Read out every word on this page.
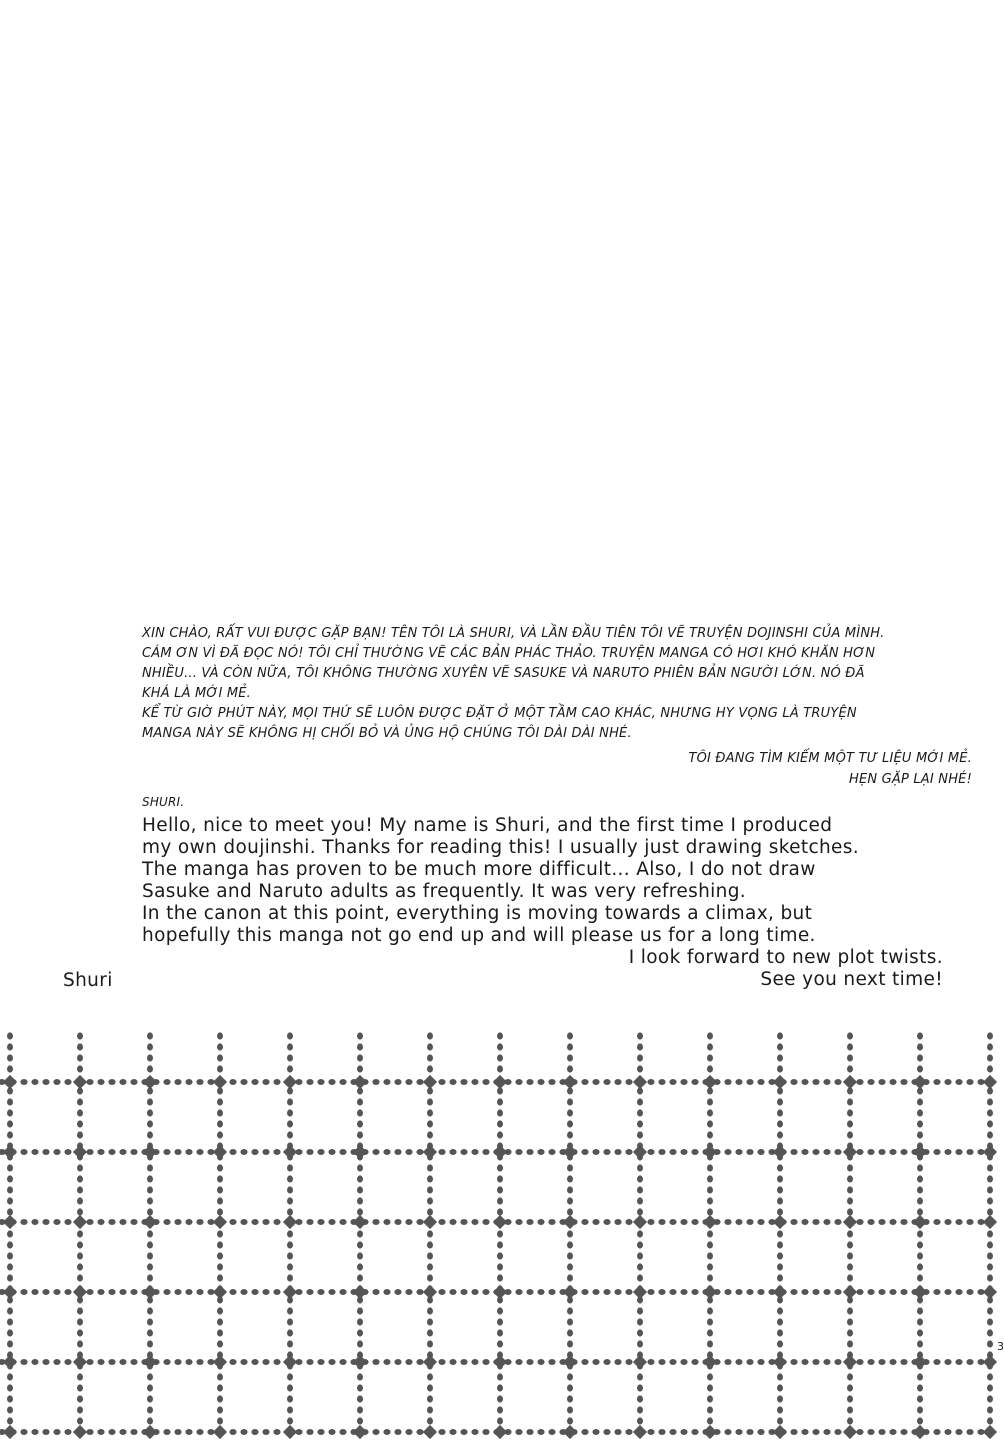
XIN CHÀO, RẤT VUI ĐƯỢC GẶP BẠN! TÊN TÔI LÀ SHURI, VÀ LẦN ĐẦU TIÊN TÔI VẼ TRUYỆN DOJINSHI CỦA MÌNH.
CÁM ƠN VÌ ĐÃ ĐỌC NÓ! TÔI CHỈ THƯỜNG VẼ CÁC BẢN PHÁC THẢO. TRUYỆN MANGA CÓ HƠI KHÓ KHĂN HƠN
NHIỀU... VÀ CÒN NỮA, TÔI KHÔNG THƯỜNG XUYÊN VẼ SASUKE VÀ NARUTO PHIÊN BẢN NGƯỜI LỚN. NÓ ĐÃ
KHÁ LÀ MỚI MẺ.
KỂ TỪ GIỜ PHÚT NÀY, MỌI THỨ SẼ LUÔN ĐƯỢC ĐẶT Ở MỘT TẦM CAO KHÁC, NHƯNG HY VỌNG LÀ TRUYỆN
MANGA NÀY SẼ KHÔNG HỊ CHỐI BỎ VÀ ỦNG HỘ CHÚNG TÔI DÀI DÀI NHÉ.
TÔI ĐANG TÌM KIẾM MỘT TƯ LIỆU MỚI MẺ.
HẸN GẶP LẠI NHÉ!
SHURI.
Hello, nice to meet you! My name is Shuri, and the first time I produced
my own doujinshi. Thanks for reading this! I usually just drawing sketches.
The manga has proven to be much more difficult... Also, I do not draw
Sasuke and Naruto adults as frequently. It was very refreshing.
In the canon at this point, everything is moving towards a climax, but
hopefully this manga not go end up and will please us for a long time.
I look forward to new plot twists.
See you next time!
Shuri
3
